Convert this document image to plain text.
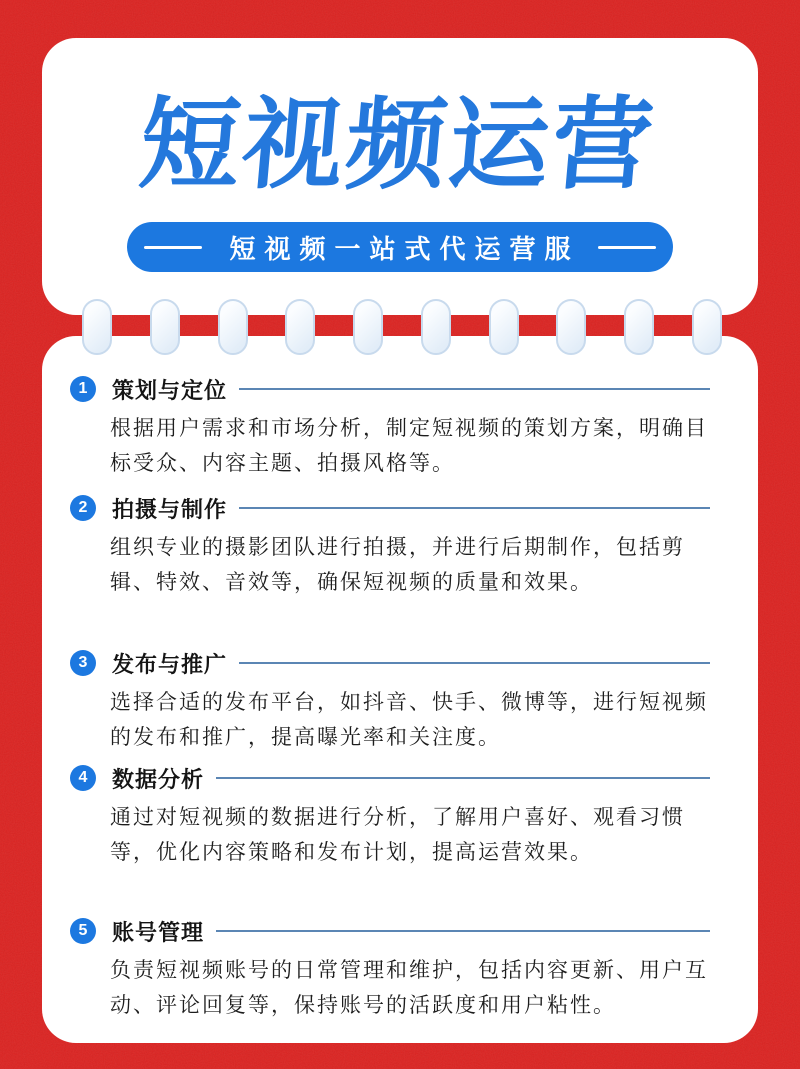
短视频运营
短视频一站式代运营服
1	策划与定位
根据用户需求和市场分析，制定短视频的策划方案，明确目
标受众、内容主题、拍摄风格等。
2	拍摄与制作
组织专业的摄影团队进行拍摄，并进行后期制作，包括剪
辑、特效、音效等，确保短视频的质量和效果。
3	发布与推广
选择合适的发布平台，如抖音、快手、微博等，进行短视频
的发布和推广，提高曝光率和关注度。
4	数据分析
通过对短视频的数据进行分析，了解用户喜好、观看习惯
等，优化内容策略和发布计划，提高运营效果。
5	账号管理
负责短视频账号的日常管理和维护，包括内容更新、用户互
动、评论回复等，保持账号的活跃度和用户粘性。
